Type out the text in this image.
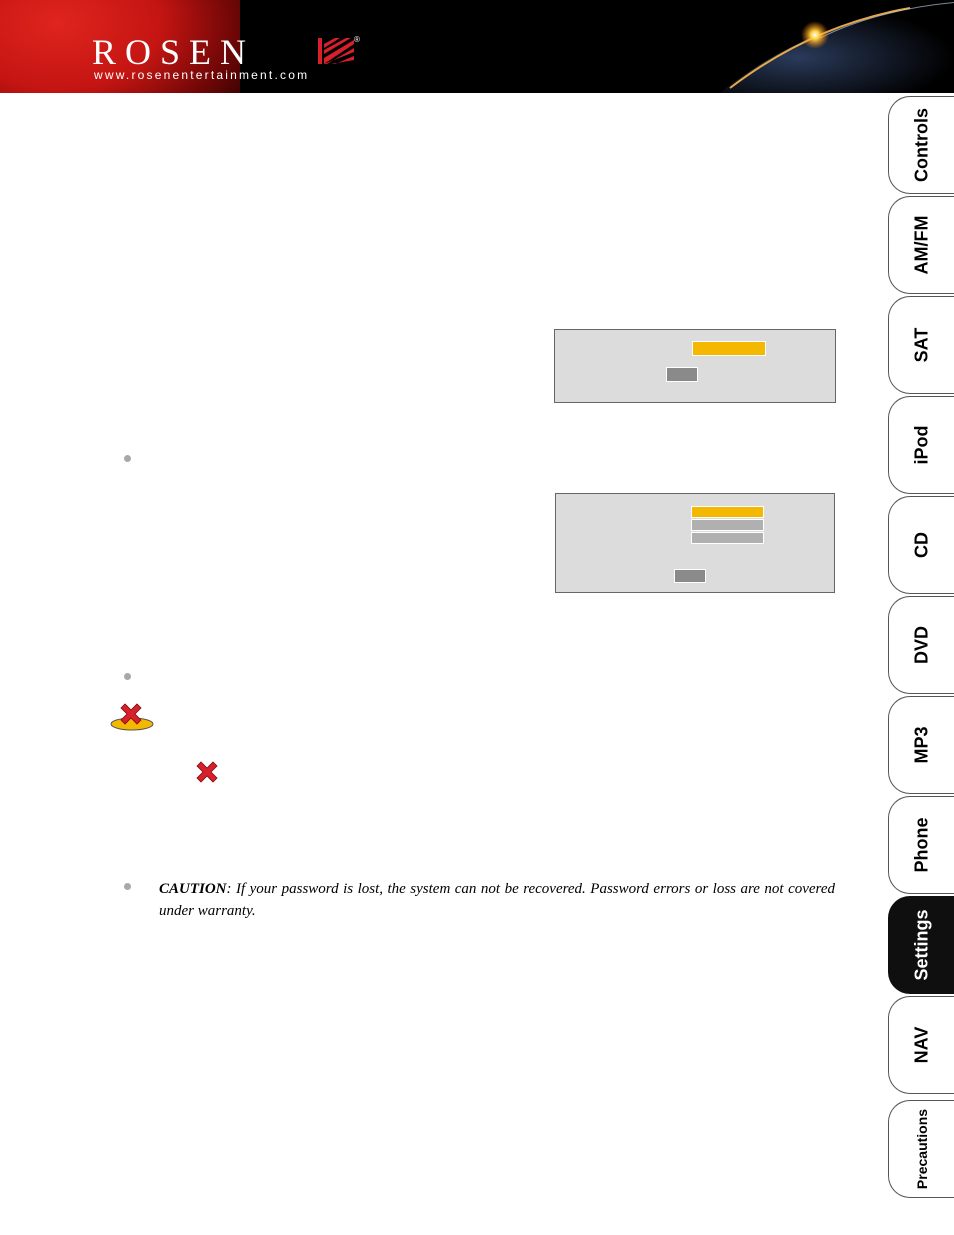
ROSEN	®
www.rosenentertainment.com
Controls
AM/FM
SAT
iPod
CD
DVD
MP3
Phone
Settings
NAV
Precautions
CAUTION: If your password is lost, the system can not be recovered. Password errors or loss are not covered under warranty.
